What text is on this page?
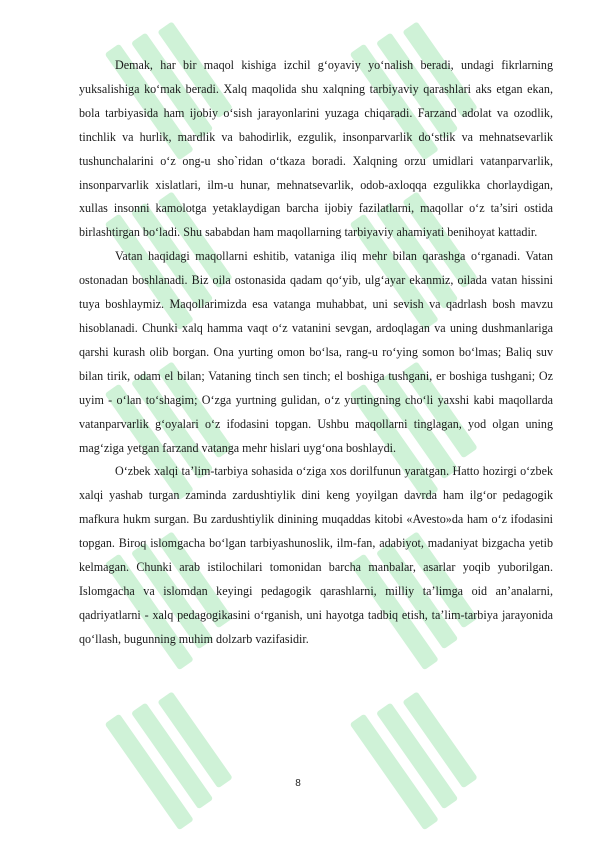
Demak, har bir maqol kishiga izchil g‘oyaviy yo‘nalish beradi, undagi fikrlarning yuksalishiga ko‘mak beradi. Xalq maqolida shu xalqning tarbiyaviy qarashlari aks etgan ekan, bola tarbiyasida ham ijobiy o‘sish jarayonlarini yuzaga chiqaradi. Farzand adolat va ozodlik, tinchlik va hurlik, mardlik va bahodirlik, ezgulik, insonparvarlik do‘stlik va mehnatsevarlik tushunchalarini o‘z ong-u sho`ridan o‘tkaza boradi. Xalqning orzu umidlari vatanparvarlik, insonparvarlik xislatlari, ilm-u hunar, mehnatsevarlik, odob-axloqqa ezgulikka chorlaydigan, xullas insonni kamolotga yetaklaydigan barcha ijobiy fazilatlarni, maqollar o‘z ta’siri ostida birlashtirgan bo‘ladi. Shu sababdan ham maqollarning tarbiyaviy ahamiyati benihoyat kattadir.

Vatan haqidagi maqollarni eshitib, vataniga iliq mehr bilan qarashga o‘rganadi. Vatan ostonadan boshlanadi. Biz oila ostonasida qadam qo‘yib, ulg‘ayar ekanmiz, oilada vatan hissini tuya boshlaymiz. Maqollarimizda esa vatanga muhabbat, uni sevish va qadrlash bosh mavzu hisoblanadi. Chunki xalq hamma vaqt o‘z vatanini sevgan, ardoqlagan va uning dushmanlariga qarshi kurash olib borgan. Ona yurting omon bo‘lsa, rang-u ro‘ying somon bo‘lmas; Baliq suv bilan tirik, odam el bilan; Vataning tinch sen tinch; el boshiga tushgani, er boshiga tushgani; Oz uyim - o‘lan to‘shagim; O‘zga yurtning gulidan, o‘z yurtingning cho‘li yaxshi kabi maqollarda vatanparvarlik g‘oyalari o‘z ifodasini topgan. Ushbu maqollarni tinglagan, yod olgan uning mag‘ziga yetgan farzand vatanga mehr hislari uyg‘ona boshlaydi.

O‘zbek xalqi ta’lim-tarbiya sohasida o‘ziga xos dorilfunun yaratgan. Hatto hozirgi o‘zbek xalqi yashab turgan zaminda zardushtiylik dini keng yoyilgan davrda ham ilg‘or pedagogik mafkura hukm surgan. Bu zardushtiylik dinining muqaddas kitobi «Avesto»da ham o‘z ifodasini topgan. Biroq islomgacha bo‘lgan tarbiyashunoslik, ilm-fan, adabiyot, madaniyat bizgacha yetib kelmagan. Chunki arab istilochilari tomonidan barcha manbalar, asarlar yoqib yuborilgan. Islomgacha va islomdan keyingi pedagogik qarashlarni, milliy ta’limga oid an’analarni, qadriyatlarni - xalq pedagogikasini o‘rganish, uni hayotga tadbiq etish, ta’lim-tarbiya jarayonida qo‘llash, bugunning muhim dolzarb vazifasidir.

8
